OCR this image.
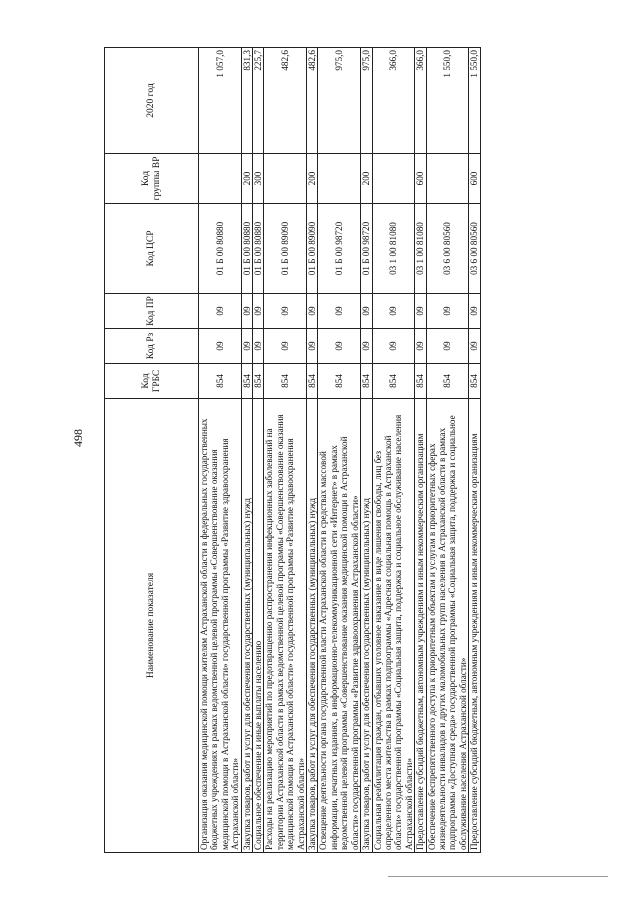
498
Наименование показателя	Код ГРБС	Код Рз	Код ПР	Код ЦСР	Код группы ВР	2020 год
Организация оказания медицинской помощи жителям Астраханской области в федеральных государственных бюджетных учреждениях в рамках ведомственной целевой программы «Совершенствование оказания медицинской помощи в Астраханской области» государственной программы «Развитие здравоохранения Астраханской области»	854	09	09	01 Б 00 80880		1 057,0
Закупка товаров, работ и услуг для обеспечения государственных (муниципальных) нужд	854	09	09	01 Б 00 80880	200	831,3
Социальное обеспечение и иные выплаты населению	854	09	09	01 Б 00 80880	300	225,7
Расходы на реализацию мероприятий по предотвращению распространения инфекционных заболеваний на территории Астраханской области в рамках ведомственной целевой программы «Совершенствование оказания медицинской помощи в Астраханской области» государственной программы «Развитие здравоохранения Астраханской области»	854	09	09	01 Б 00 89090		482,6
Закупка товаров, работ и услуг для обеспечения государственных (муниципальных) нужд	854	09	09	01 Б 00 89090	200	482,6
Освещение деятельности органа государственной власти Астраханской области в средствах массовой информации, печатных изданиях, в информационно-телекоммуникационной сети «Интернет» в рамках ведомственной целевой программы «Совершенствование оказания медицинской помощи в Астраханской области» государственной программы «Развитие здравоохранения Астраханской области»	854	09	09	01 Б 00 98720		975,0
Закупка товаров, работ и услуг для обеспечения государственных (муниципальных) нужд	854	09	09	01 Б 00 98720	200	975,0
Социальная реабилитация граждан, отбывших уголовное наказание в виде лишения свободы, лиц без определенного места жительства в рамках подпрограммы «Адресная социальная помощь в Астраханской области» государственной программы «Социальная защита, поддержка и социальное обслуживание населения Астраханской области»	854	09	09	03 1 00 81080		366,0
Предоставление субсидий бюджетным, автономным учреждениям и иным некоммерческим организациям	854	09	09	03 1 00 81080	600	366,0
Обеспечение беспрепятственного доступа к приоритетным объектам и услугам в приоритетных сферах жизнедеятельности инвалидов и других маломобильных групп населения в Астраханской области в рамках подпрограммы «Доступная среда» государственной программы «Социальная защита, поддержка и социальное обслуживание населения Астраханской области»	854	09	09	03 6 00 80560		1 550,0
Предоставление субсидий бюджетным, автономным учреждениям и иным некоммерческим организациям	854	09	09	03 6 00 80560	600	1 550,0
